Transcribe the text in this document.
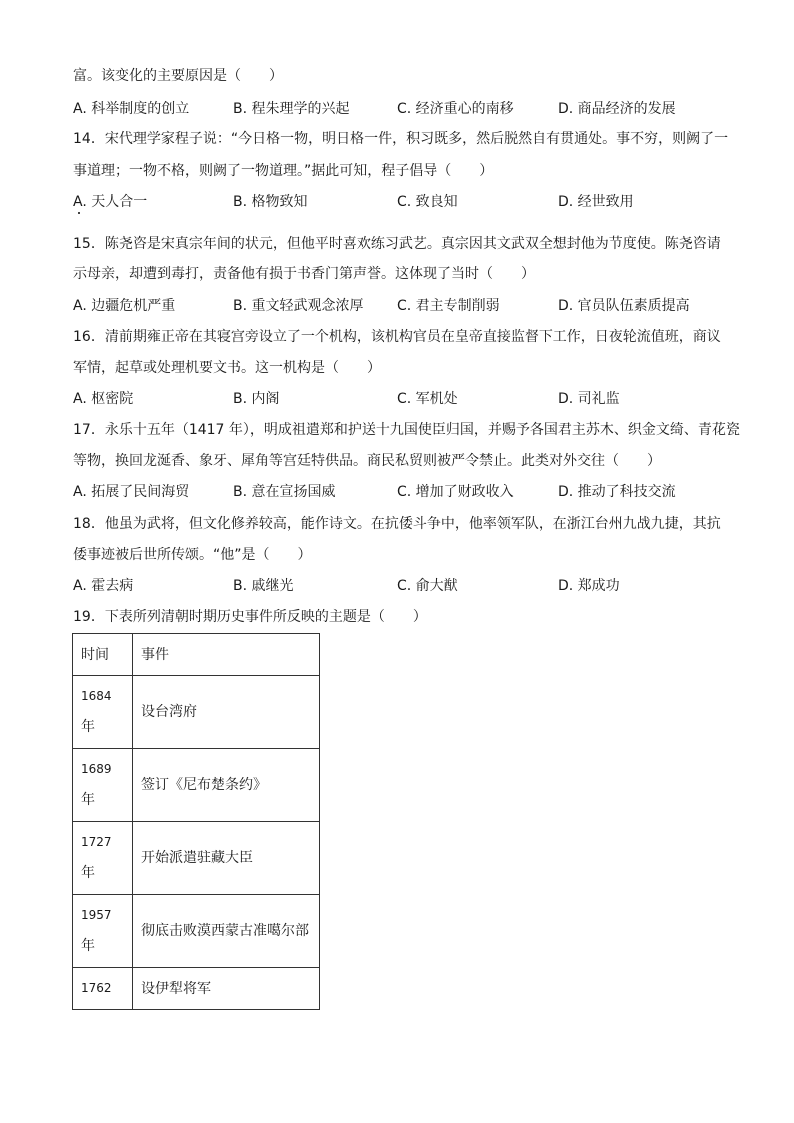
富。该变化的主要原因是（　　）
A. 科举制度的创立	B. 程朱理学的兴起	C. 经济重心的南移	D. 商品经济的发展
14．宋代理学家程子说：“今日格一物，明日格一件，积习既多，然后脱然自有贯通处。事不穷，则阙了一
事道理；一物不格，则阙了一物道理。”据此可知，程子倡导（　　）
A. 天人合一	B. 格物致知	C. 致良知	D. 经世致用
15．陈尧咨是宋真宗年间的状元，但他平时喜欢练习武艺。真宗因其文武双全想封他为节度使。陈尧咨请
示母亲，却遭到毒打，责备他有损于书香门第声誉。这体现了当时（　　）
A. 边疆危机严重	B. 重文轻武观念浓厚 C. 君主专制削弱	D. 官员队伍素质提高
16．清前期雍正帝在其寝宫旁设立了一个机构，该机构官员在皇帝直接监督下工作，日夜轮流值班，商议
军情，起草或处理机要文书。这一机构是（　　）
A. 枢密院	B. 内阁	C. 军机处	D. 司礼监
17．永乐十五年（1417 年），明成祖遣郑和护送十九国使臣归国，并赐予各国君主苏木、织金文绮、青花瓷
等物，换回龙涎香、象牙、犀角等宫廷特供品。商民私贸则被严令禁止。此类对外交往（　　）
A. 拓展了民间海贸	B. 意在宣扬国威	C. 增加了财政收入	D. 推动了科技交流
18．他虽为武将，但文化修养较高，能作诗文。在抗倭斗争中，他率领军队，在浙江台州九战九捷，其抗
倭事迹被后世所传颂。“他”是（　　）
A. 霍去病	B. 戚继光	C. 俞大猷	D. 郑成功
19．下表所列清朝时期历史事件所反映的主题是（　　）
时间	事件

1684
年	设台湾府

1689
年	签订《尼布楚条约》

1727
年	开始派遣驻藏大臣

1957
年	彻底击败漠西蒙古准噶尔部

1762	设伊犁将军
